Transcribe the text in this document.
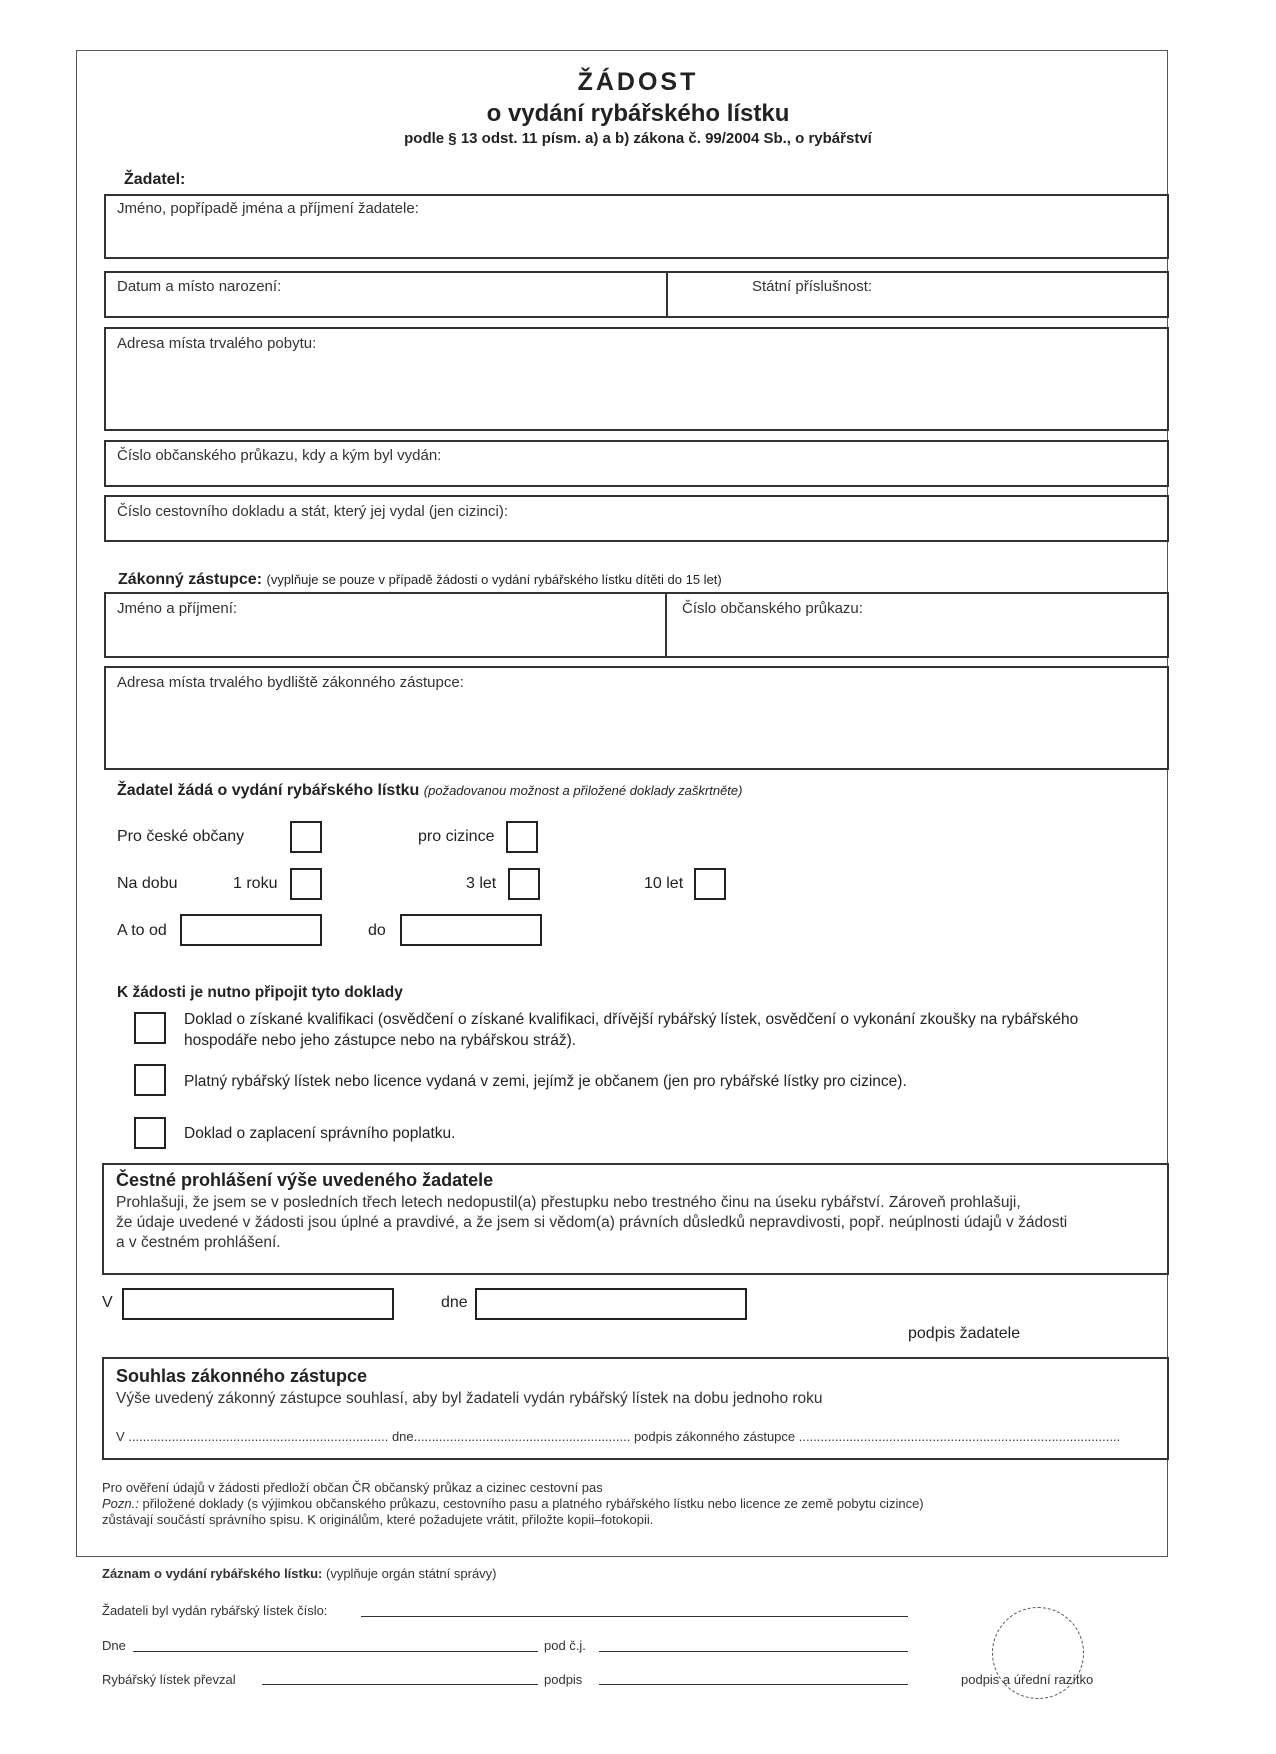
ŽÁDOST
o vydání rybářského lístku
podle § 13 odst. 11 písm. a) a b) zákona č. 99/2004 Sb., o rybářství
Žadatel:
Jméno, popřípadě jména a příjmení žadatele:
Datum a místo narození:	Státní příslušnost:
Adresa místa trvalého pobytu:
Číslo občanského průkazu, kdy a kým byl vydán:
Číslo cestovního dokladu a stát, který jej vydal (jen cizinci):
Zákonný zástupce: (vyplňuje se pouze v případě žádosti o vydání rybářského lístku dítěti do 15 let)
Jméno a příjmení:	Číslo občanského průkazu:
Adresa místa trvalého bydliště zákonného zástupce:
Žadatel žádá o vydání rybářského lístku (požadovanou možnost a přiložené doklady zaškrtněte)
Pro české občany	pro cizince
Na dobu	1 roku	3 let	10 let
A to od	do
K žádosti je nutno připojit tyto doklady
Doklad o získané kvalifikaci (osvědčení o získané kvalifikaci, dřívější rybářský lístek, osvědčení o vykonání zkoušky na rybářského
hospodáře nebo jeho zástupce nebo na rybářskou stráž).
Platný rybářský lístek nebo licence vydaná v zemi, jejímž je občanem (jen pro rybářské lístky pro cizince).
Doklad o zaplacení správního poplatku.
Čestné prohlášení výše uvedeného žadatele
Prohlašuji, že jsem se v posledních třech letech nedopustil(a) přestupku nebo trestného činu na úseku rybářství. Zároveň prohlašuji,
že údaje uvedené v žádosti jsou úplné a pravdivé, a že jsem si vědom(a) právních důsledků nepravdivosti, popř. neúplnosti údajů v žádosti
a v čestném prohlášení.
V	dne
podpis žadatele
Souhlas zákonného zástupce
Výše uvedený zákonný zástupce souhlasí, aby byl žadateli vydán rybářský lístek na dobu jednoho roku
V ........................................................................ dne............................................................ podpis zákonného zástupce .........................................................................................
Pro ověření údajů v žádosti předloží občan ČR občanský průkaz a cizinec cestovní pas
Pozn.: přiložené doklady (s výjimkou občanského průkazu, cestovního pasu a platného rybářského lístku nebo licence ze země pobytu cizince)
zůstávají součástí správního spisu. K originálům, které požadujete vrátit, přiložte kopii–fotokopii.
Záznam o vydání rybářského lístku: (vyplňuje orgán státní správy)
Žadateli byl vydán rybářský lístek číslo:
Dne	pod č.j.
Rybářský lístek převzal	podpis	podpis a úřední razítko
